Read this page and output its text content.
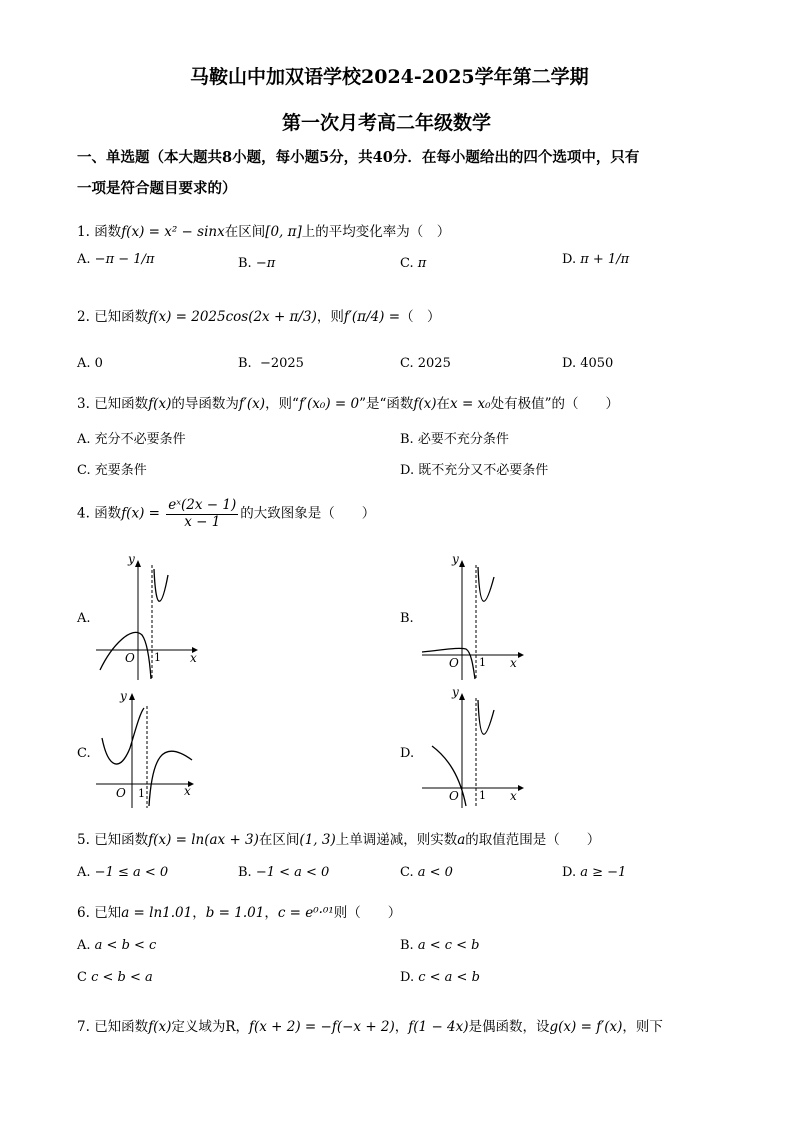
马鞍山中加双语学校2024-2025学年第二学期
第一次月考高二年级数学
一、单选题（本大题共8小题，每小题5分，共40分．在每小题给出的四个选项中，只有
一项是符合题目要求的）
1. 函数f(x) = x² − sinx在区间[0, π]上的平均变化率为（　）
A. −π − 1/π	B. −π	C. π	D. π + 1/π
2. 已知函数f(x) = 2025cos(2x + π/3)，则f′(π/4) =（　）
A. 0	B. −2025	C. 2025	D. 4050
3. 已知函数f(x)的导函数为f′(x)，则“f′(x₀) = 0”是“函数f(x)在x = x₀处有极值”的（　　）
A. 充分不必要条件	B. 必要不充分条件
C. 充要条件	D. 既不充分又不必要条件
4. 函数$f(x) = \frac{\text{eˣ(2x − 1)}}{x - 1}$ 的大致图象是（　　）
A.	B.
C.	D.
y
x
O 1
y
x
O 1
y
x
O 1
y
x
O 1
5. 已知函数f(x) = ln(ax + 3)在区间(1, 3)上单调递减，则实数a的取值范围是（　　）
A. −1 ≤ a < 0	B. −1 < a < 0	C. a < 0	D. a ≥ −1
6. 已知a = ln1.01，b = 1.01，c = e⁰·⁰¹则（　　）
A. a < b < c	B. a < c < b
C c < b < a	D. c < a < b
7. 已知函数f(x)定义域为R，f(x + 2) = −f(−x + 2)，f(1 − 4x)是偶函数，设g(x) = f′(x)，则下
